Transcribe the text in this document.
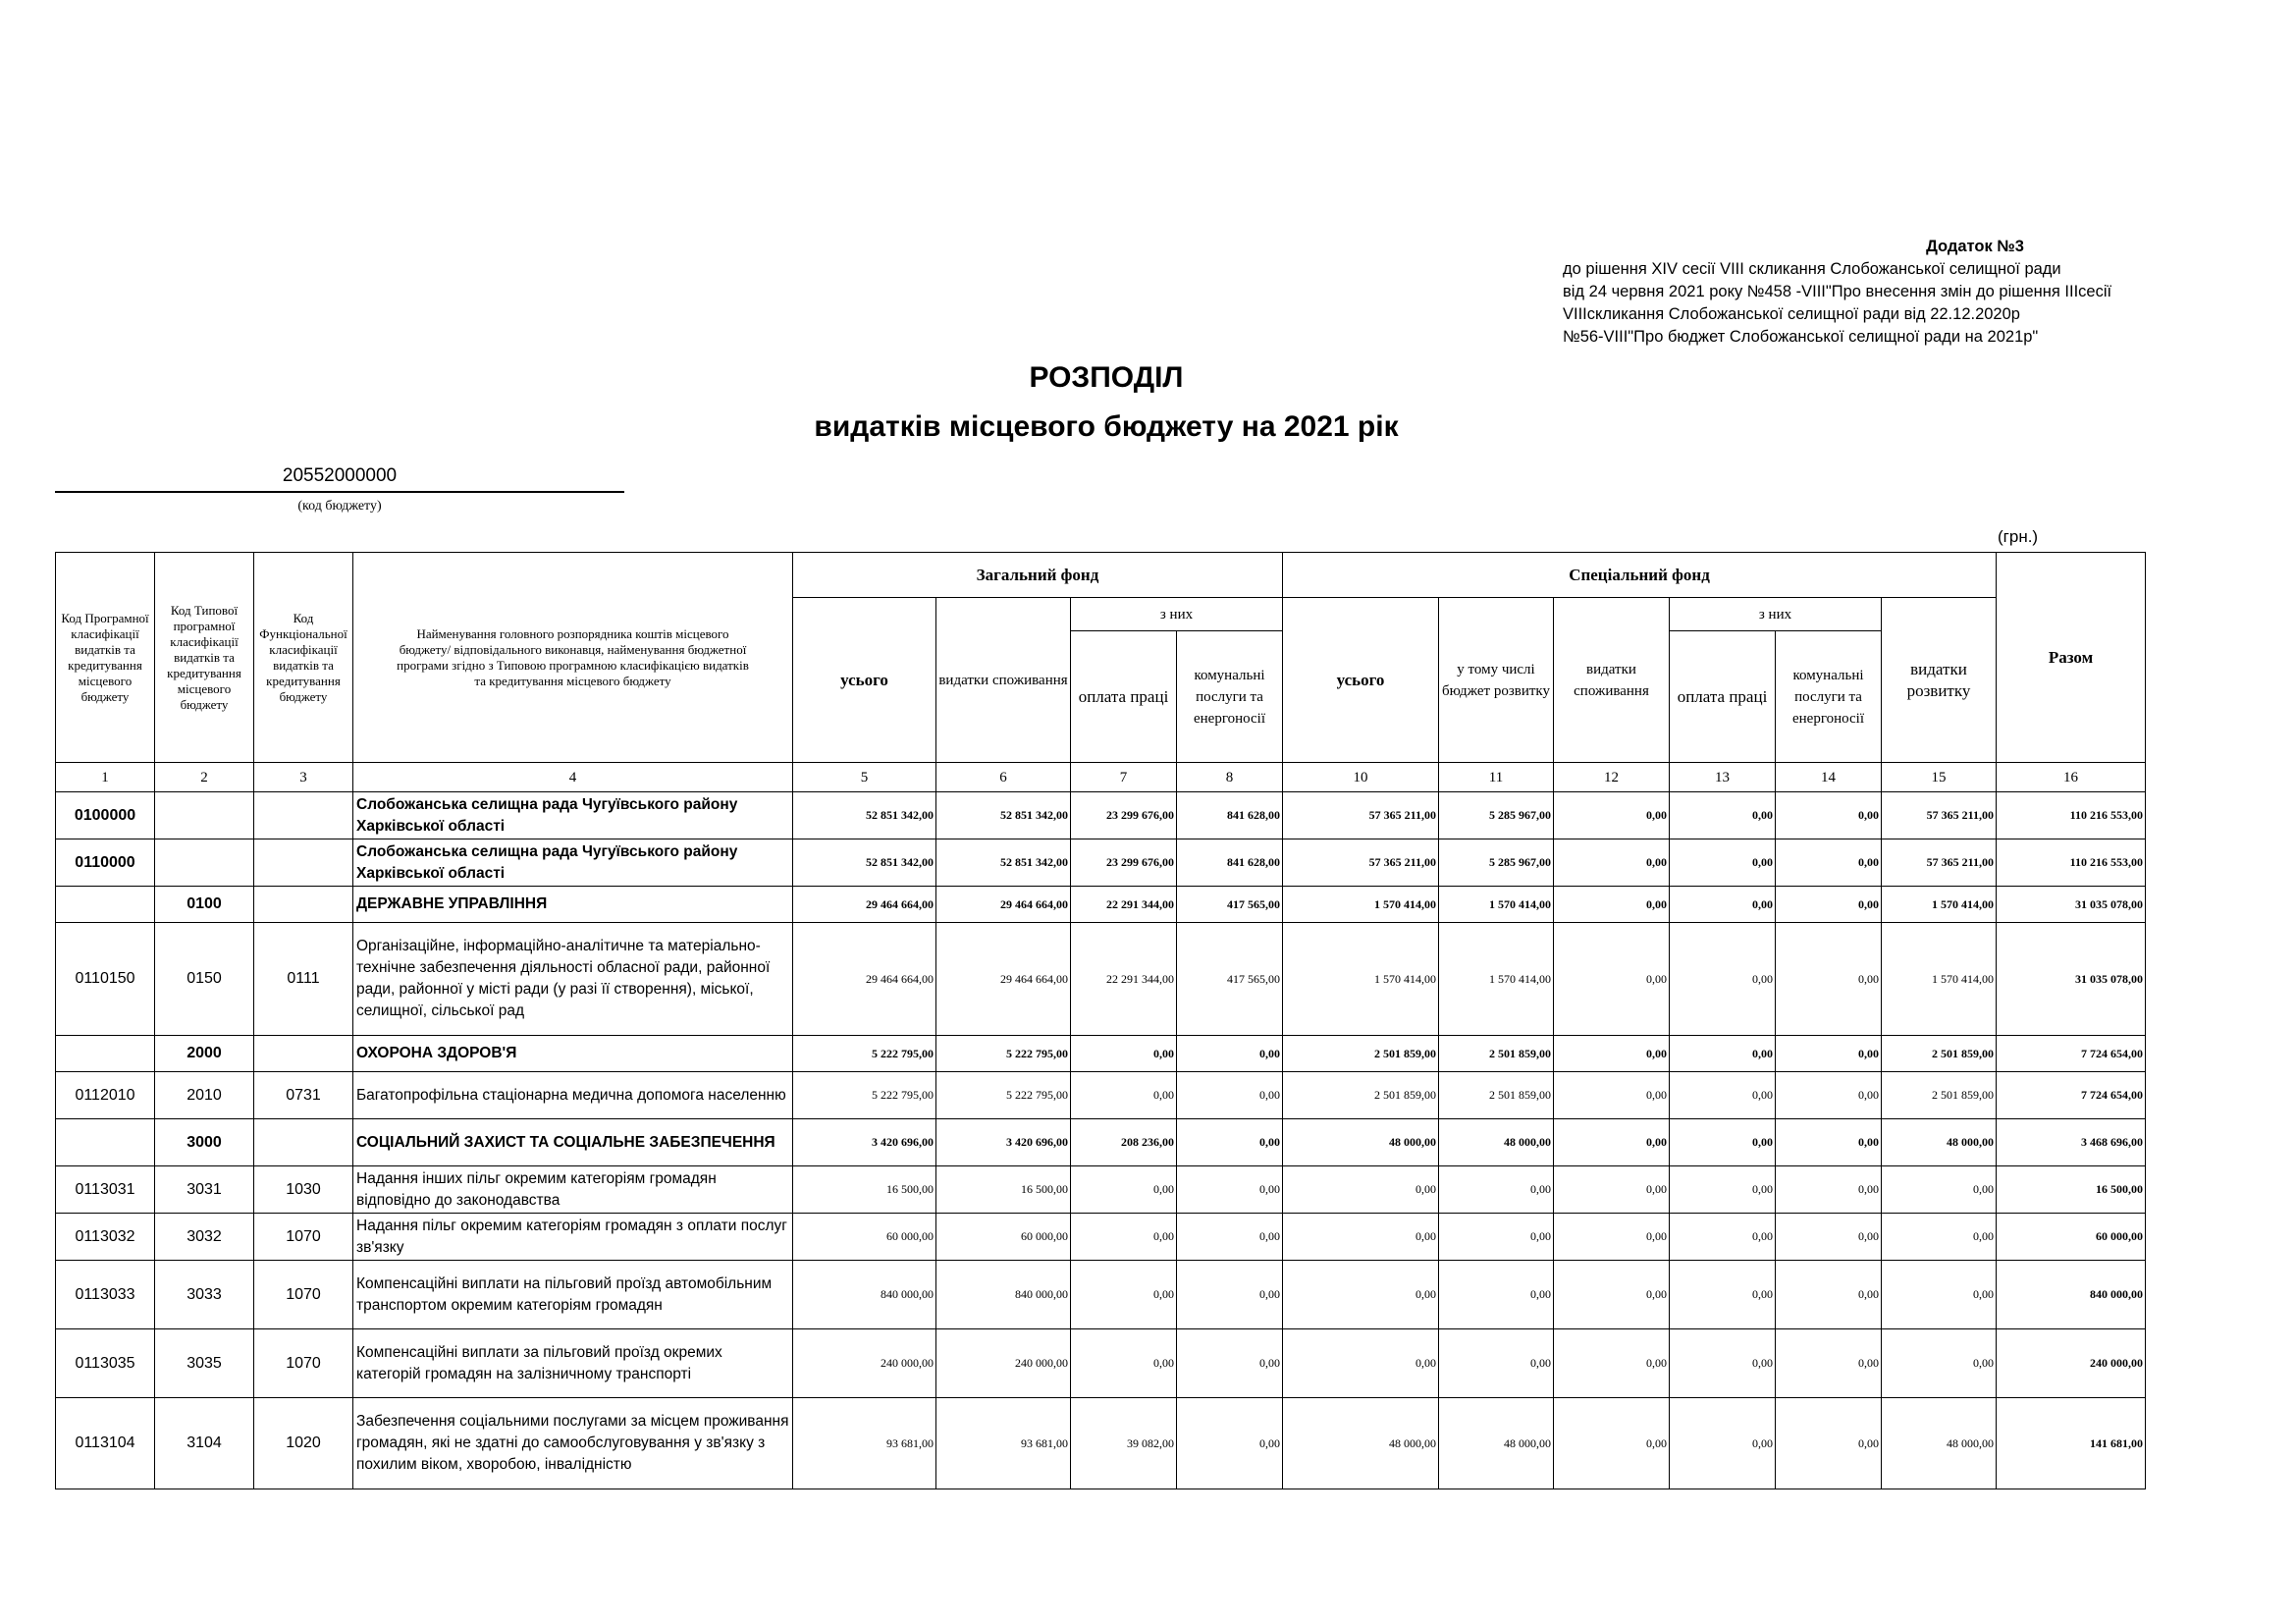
Додаток №3
до рішення XIV сесії VIII скликання Слобожанської селищної ради
від 24 червня 2021 року №458 -VIII"Про внесення змін до рішення IIIсесії
VIIIскликання Слобожанської селищної ради від 22.12.2020р
№56-VIII"Про бюджет Слобожанської селищної ради на 2021р"
РОЗПОДІЛ
видатків місцевого бюджету на 2021 рік
20552000000
(код бюджету)
(грн.)
Код Програмної класифікації видатків та кредитування місцевого бюджету	Код Типової програмної класифікації видатків та кредитування місцевого бюджету	Код Функціональної класифікації видатків та кредитування бюджету	Найменування головного розпорядника коштів місцевого бюджету/ відповідального виконавця, найменування бюджетної програми згідно з Типовою програмною класифікацією видатків та кредитування місцевого бюджету	Загальний фонд				Спеціальний фонд						Разом
				усього	видатки споживання	з них		усього	у тому числі бюджет розвитку	видатки споживання	з них		видатки розвитку	
						оплата праці	комунальні послуги та енергоносії				оплата праці	комунальні послуги та енергоносії		
1	2	3	4	5	6	7	8	10	11	12	13	14	15	16
0100000			Слобожанська селищна рада Чугуївського району Харківської області	52 851 342,00	52 851 342,00	23 299 676,00	841 628,00	57 365 211,00	5 285 967,00	0,00	0,00	0,00	57 365 211,00	110 216 553,00
0110000			Слобожанська селищна рада Чугуївського району Харківської області	52 851 342,00	52 851 342,00	23 299 676,00	841 628,00	57 365 211,00	5 285 967,00	0,00	0,00	0,00	57 365 211,00	110 216 553,00
	0100		ДЕРЖАВНЕ УПРАВЛІННЯ	29 464 664,00	29 464 664,00	22 291 344,00	417 565,00	1 570 414,00	1 570 414,00	0,00	0,00	0,00	1 570 414,00	31 035 078,00
0110150	0150	0111	Організаційне, інформаційно-аналітичне та матеріально-технічне забезпечення діяльності обласної ради, районної ради, районної у місті ради (у разі її створення), міської, селищної, сільської рад	29 464 664,00	29 464 664,00	22 291 344,00	417 565,00	1 570 414,00	1 570 414,00	0,00	0,00	0,00	1 570 414,00	31 035 078,00
	2000		ОХОРОНА ЗДОРОВ'Я	5 222 795,00	5 222 795,00	0,00	0,00	2 501 859,00	2 501 859,00	0,00	0,00	0,00	2 501 859,00	7 724 654,00
0112010	2010	0731	Багатопрофільна стаціонарна медична допомога населенню	5 222 795,00	5 222 795,00	0,00	0,00	2 501 859,00	2 501 859,00	0,00	0,00	0,00	2 501 859,00	7 724 654,00
	3000		СОЦІАЛЬНИЙ ЗАХИСТ ТА СОЦІАЛЬНЕ ЗАБЕЗПЕЧЕННЯ	3 420 696,00	3 420 696,00	208 236,00	0,00	48 000,00	48 000,00	0,00	0,00	0,00	48 000,00	3 468 696,00
0113031	3031	1030	Надання інших пільг окремим категоріям громадян відповідно до законодавства	16 500,00	16 500,00	0,00	0,00	0,00	0,00	0,00	0,00	0,00	0,00	16 500,00
0113032	3032	1070	Надання пільг окремим категоріям громадян з оплати послуг зв'язку	60 000,00	60 000,00	0,00	0,00	0,00	0,00	0,00	0,00	0,00	0,00	60 000,00
0113033	3033	1070	Компенсаційні виплати на пільговий проїзд автомобільним транспортом окремим категоріям громадян	840 000,00	840 000,00	0,00	0,00	0,00	0,00	0,00	0,00	0,00	0,00	840 000,00
0113035	3035	1070	Компенсаційні виплати за пільговий проїзд окремих категорій громадян на залізничному транспорті	240 000,00	240 000,00	0,00	0,00	0,00	0,00	0,00	0,00	0,00	0,00	240 000,00
0113104	3104	1020	Забезпечення соціальними послугами за місцем проживання громадян, які не здатні до самообслуговування у зв'язку з похилим віком, хворобою, інвалідністю	93 681,00	93 681,00	39 082,00	0,00	48 000,00	48 000,00	0,00	0,00	0,00	48 000,00	141 681,00
